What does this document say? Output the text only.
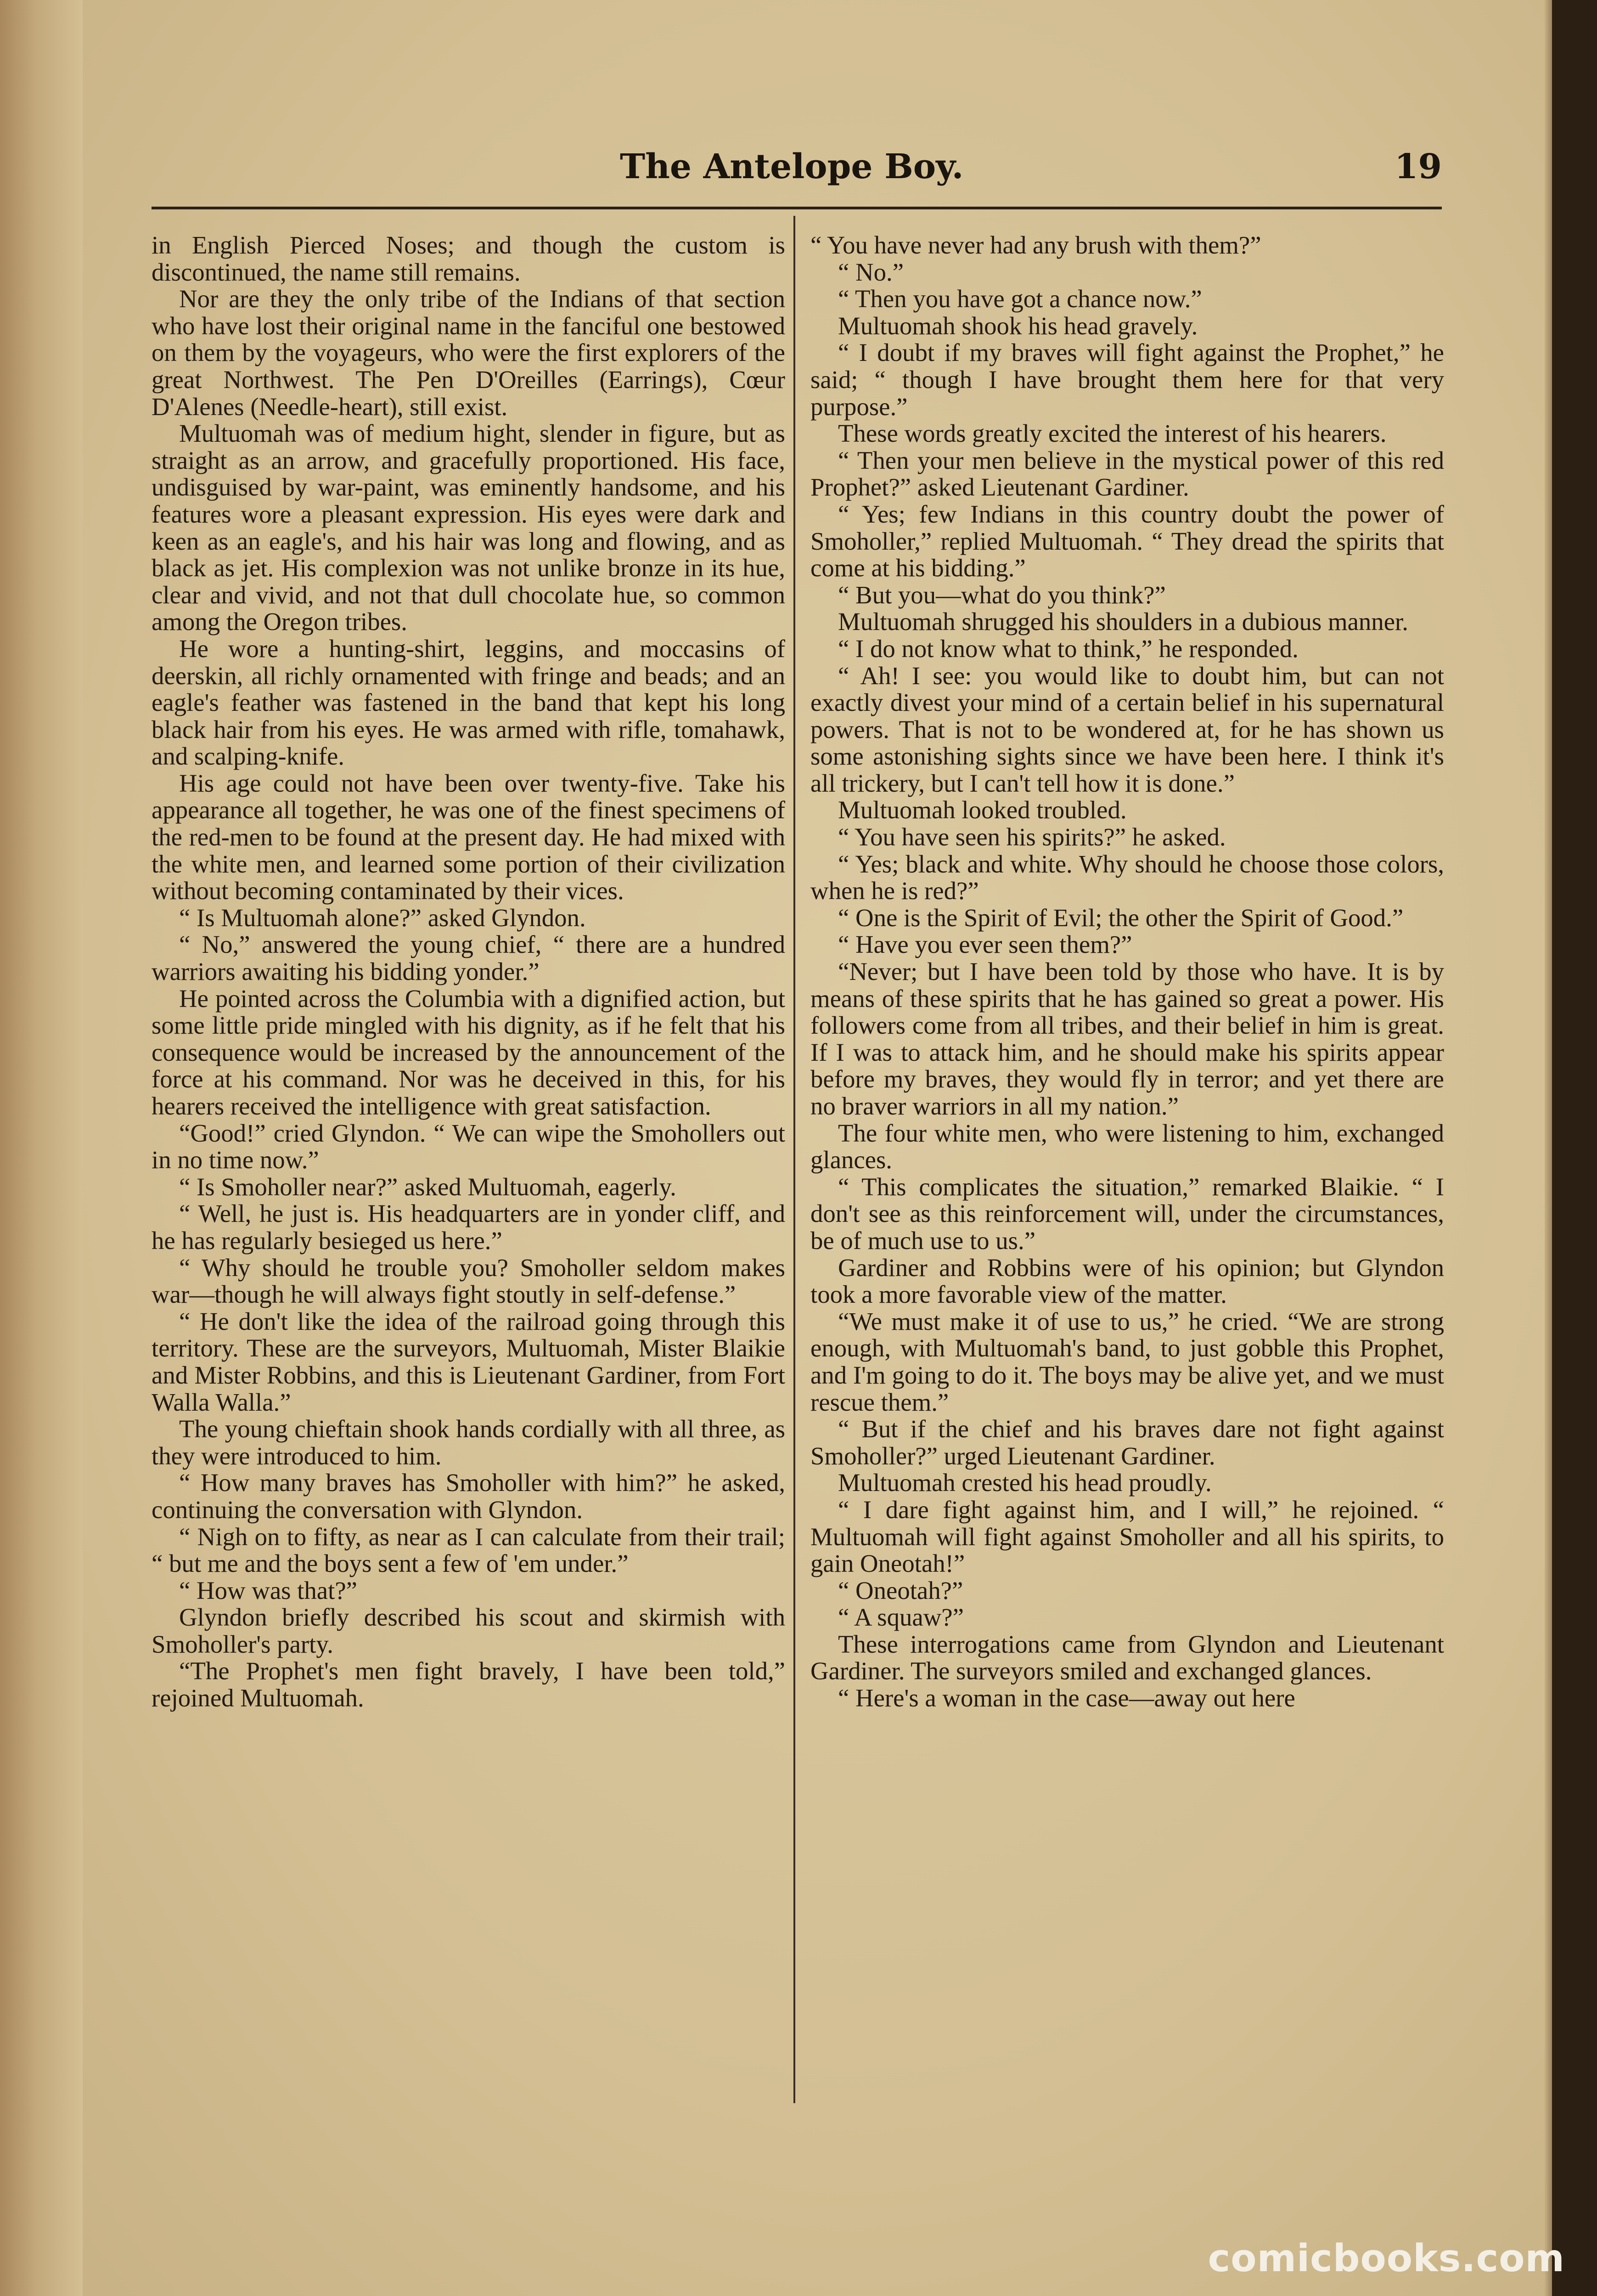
The Antelope Boy.	19

in English Pierced Noses; and though the custom is discontinued, the name still remains.

Nor are they the only tribe of the Indians of that section who have lost their original name in the fanciful one bestowed on them by the voyageurs, who were the first explorers of the great Northwest. The Pen D'Oreilles (Earrings), Cœur D'Alenes (Needle-heart), still exist.

Multuomah was of medium hight, slender in figure, but as straight as an arrow, and gracefully proportioned. His face, undisguised by war-paint, was eminently handsome, and his features wore a pleasant expression. His eyes were dark and keen as an eagle's, and his hair was long and flowing, and as black as jet. His complexion was not unlike bronze in its hue, clear and vivid, and not that dull chocolate hue, so common among the Oregon tribes.

He wore a hunting-shirt, leggins, and moccasins of deerskin, all richly ornamented with fringe and beads; and an eagle's feather was fastened in the band that kept his long black hair from his eyes. He was armed with rifle, tomahawk, and scalping-knife.

His age could not have been over twenty-five. Take his appearance all together, he was one of the finest specimens of the red-men to be found at the present day. He had mixed with the white men, and learned some portion of their civilization without becoming contaminated by their vices.

“ Is Multuomah alone?” asked Glyndon.

“ No,” answered the young chief, “ there are a hundred warriors awaiting his bidding yonder.”

He pointed across the Columbia with a dignified action, but some little pride mingled with his dignity, as if he felt that his consequence would be increased by the announcement of the force at his command. Nor was he deceived in this, for his hearers received the intelligence with great satisfaction.

“Good!” cried Glyndon. “ We can wipe the Smohollers out in no time now.”

“ Is Smoholler near?” asked Multuomah, eagerly.

“ Well, he just is. His headquarters are in yonder cliff, and he has regularly besieged us here.”

“ Why should he trouble you? Smoholler seldom makes war—though he will always fight stoutly in self-defense.”

“ He don't like the idea of the railroad going through this territory. These are the surveyors, Multuomah, Mister Blaikie and Mister Robbins, and this is Lieutenant Gardiner, from Fort Walla Walla.”

The young chieftain shook hands cordially with all three, as they were introduced to him.

“ How many braves has Smoholler with him?” he asked, continuing the conversation with Glyndon.

“ Nigh on to fifty, as near as I can calculate from their trail; “ but me and the boys sent a few of 'em under.”

“ How was that?”

Glyndon briefly described his scout and skirmish with Smoholler's party.

“The Prophet's men fight bravely, I have been told,” rejoined Multuomah.

“ You have never had any brush with them?”

“ No.”

“ Then you have got a chance now.”

Multuomah shook his head gravely.

“ I doubt if my braves will fight against the Prophet,” he said; “ though I have brought them here for that very purpose.”

These words greatly excited the interest of his hearers.

“ Then your men believe in the mystical power of this red Prophet?” asked Lieutenant Gardiner.

“ Yes; few Indians in this country doubt the power of Smoholler,” replied Multuomah. “ They dread the spirits that come at his bidding.”

“ But you—what do you think?”

Multuomah shrugged his shoulders in a dubious manner.

“ I do not know what to think,” he responded.

“ Ah! I see: you would like to doubt him, but can not exactly divest your mind of a certain belief in his supernatural powers. That is not to be wondered at, for he has shown us some astonishing sights since we have been here. I think it's all trickery, but I can't tell how it is done.”

Multuomah looked troubled.

“ You have seen his spirits?” he asked.

“ Yes; black and white. Why should he choose those colors, when he is red?”

“ One is the Spirit of Evil; the other the Spirit of Good.”

“ Have you ever seen them?”

“Never; but I have been told by those who have. It is by means of these spirits that he has gained so great a power. His followers come from all tribes, and their belief in him is great. If I was to attack him, and he should make his spirits appear before my braves, they would fly in terror; and yet there are no braver warriors in all my nation.”

The four white men, who were listening to him, exchanged glances.

“ This complicates the situation,” remarked Blaikie. “ I don't see as this reinforcement will, under the circumstances, be of much use to us.”

Gardiner and Robbins were of his opinion; but Glyndon took a more favorable view of the matter.

“We must make it of use to us,” he cried. “We are strong enough, with Multuomah's band, to just gobble this Prophet, and I'm going to do it. The boys may be alive yet, and we must rescue them.”

“ But if the chief and his braves dare not fight against Smoholler?” urged Lieutenant Gardiner.

Multuomah crested his head proudly.

“ I dare fight against him, and I will,” he rejoined. “ Multuomah will fight against Smoholler and all his spirits, to gain Oneotah!”

“ Oneotah?”

“ A squaw?”

These interrogations came from Glyndon and Lieutenant Gardiner. The surveyors smiled and exchanged glances.

“ Here's a woman in the case—away out here

comicbooks.com
